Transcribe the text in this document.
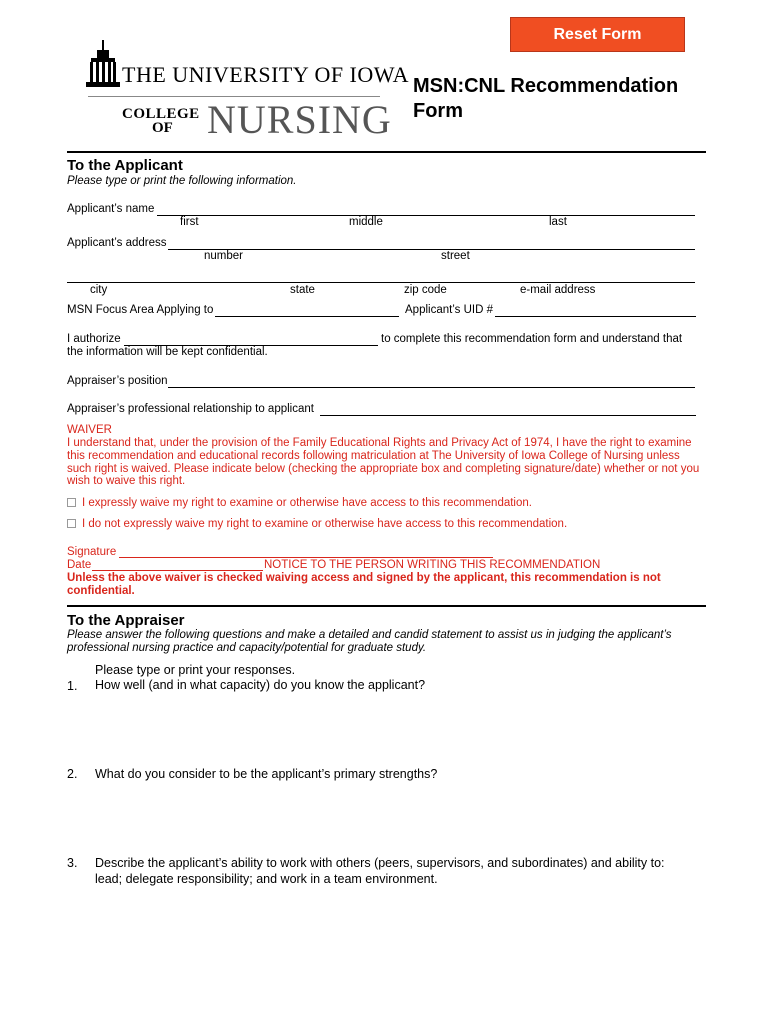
Reset Form
THE UNIVERSITY OF IOWA
COLLEGE
OF NURSING
MSN:CNL Recommendation
Form
To the Applicant
Please type or print the following information.
Applicant’s name
first	middle	last
Applicant’s address
number	street
city	state	zip code	e-mail address
MSN Focus Area Applying to	Applicant’s UID #
I authorize	to complete this recommendation form and understand that
the information will be kept confidential.
Appraiser’s position
Appraiser’s professional relationship to applicant
WAIVER
I understand that, under the provision of the Family Educational Rights and Privacy Act of 1974, I have the right to examine
this recommendation and educational records following matriculation at The University of Iowa College of Nursing unless
such right is waived. Please indicate below (checking the appropriate box and completing signature/date) whether or not you
wish to waive this right.
I expressly waive my right to examine or otherwise have access to this recommendation.
I do not expressly waive my right to examine or otherwise have access to this recommendation.
Signature
Date	NOTICE TO THE PERSON WRITING THIS RECOMMENDATION
Unless the above waiver is checked waiving access and signed by the applicant, this recommendation is not
confidential.
To the Appraiser
Please answer the following questions and make a detailed and candid statement to assist us in judging the applicant’s
professional nursing practice and capacity/potential for graduate study.
Please type or print your responses.
1. How well (and in what capacity) do you know the applicant?
2. What do you consider to be the applicant’s primary strengths?
3. Describe the applicant’s ability to work with others (peers, supervisors, and subordinates) and ability to:
lead; delegate responsibility; and work in a team environment.
